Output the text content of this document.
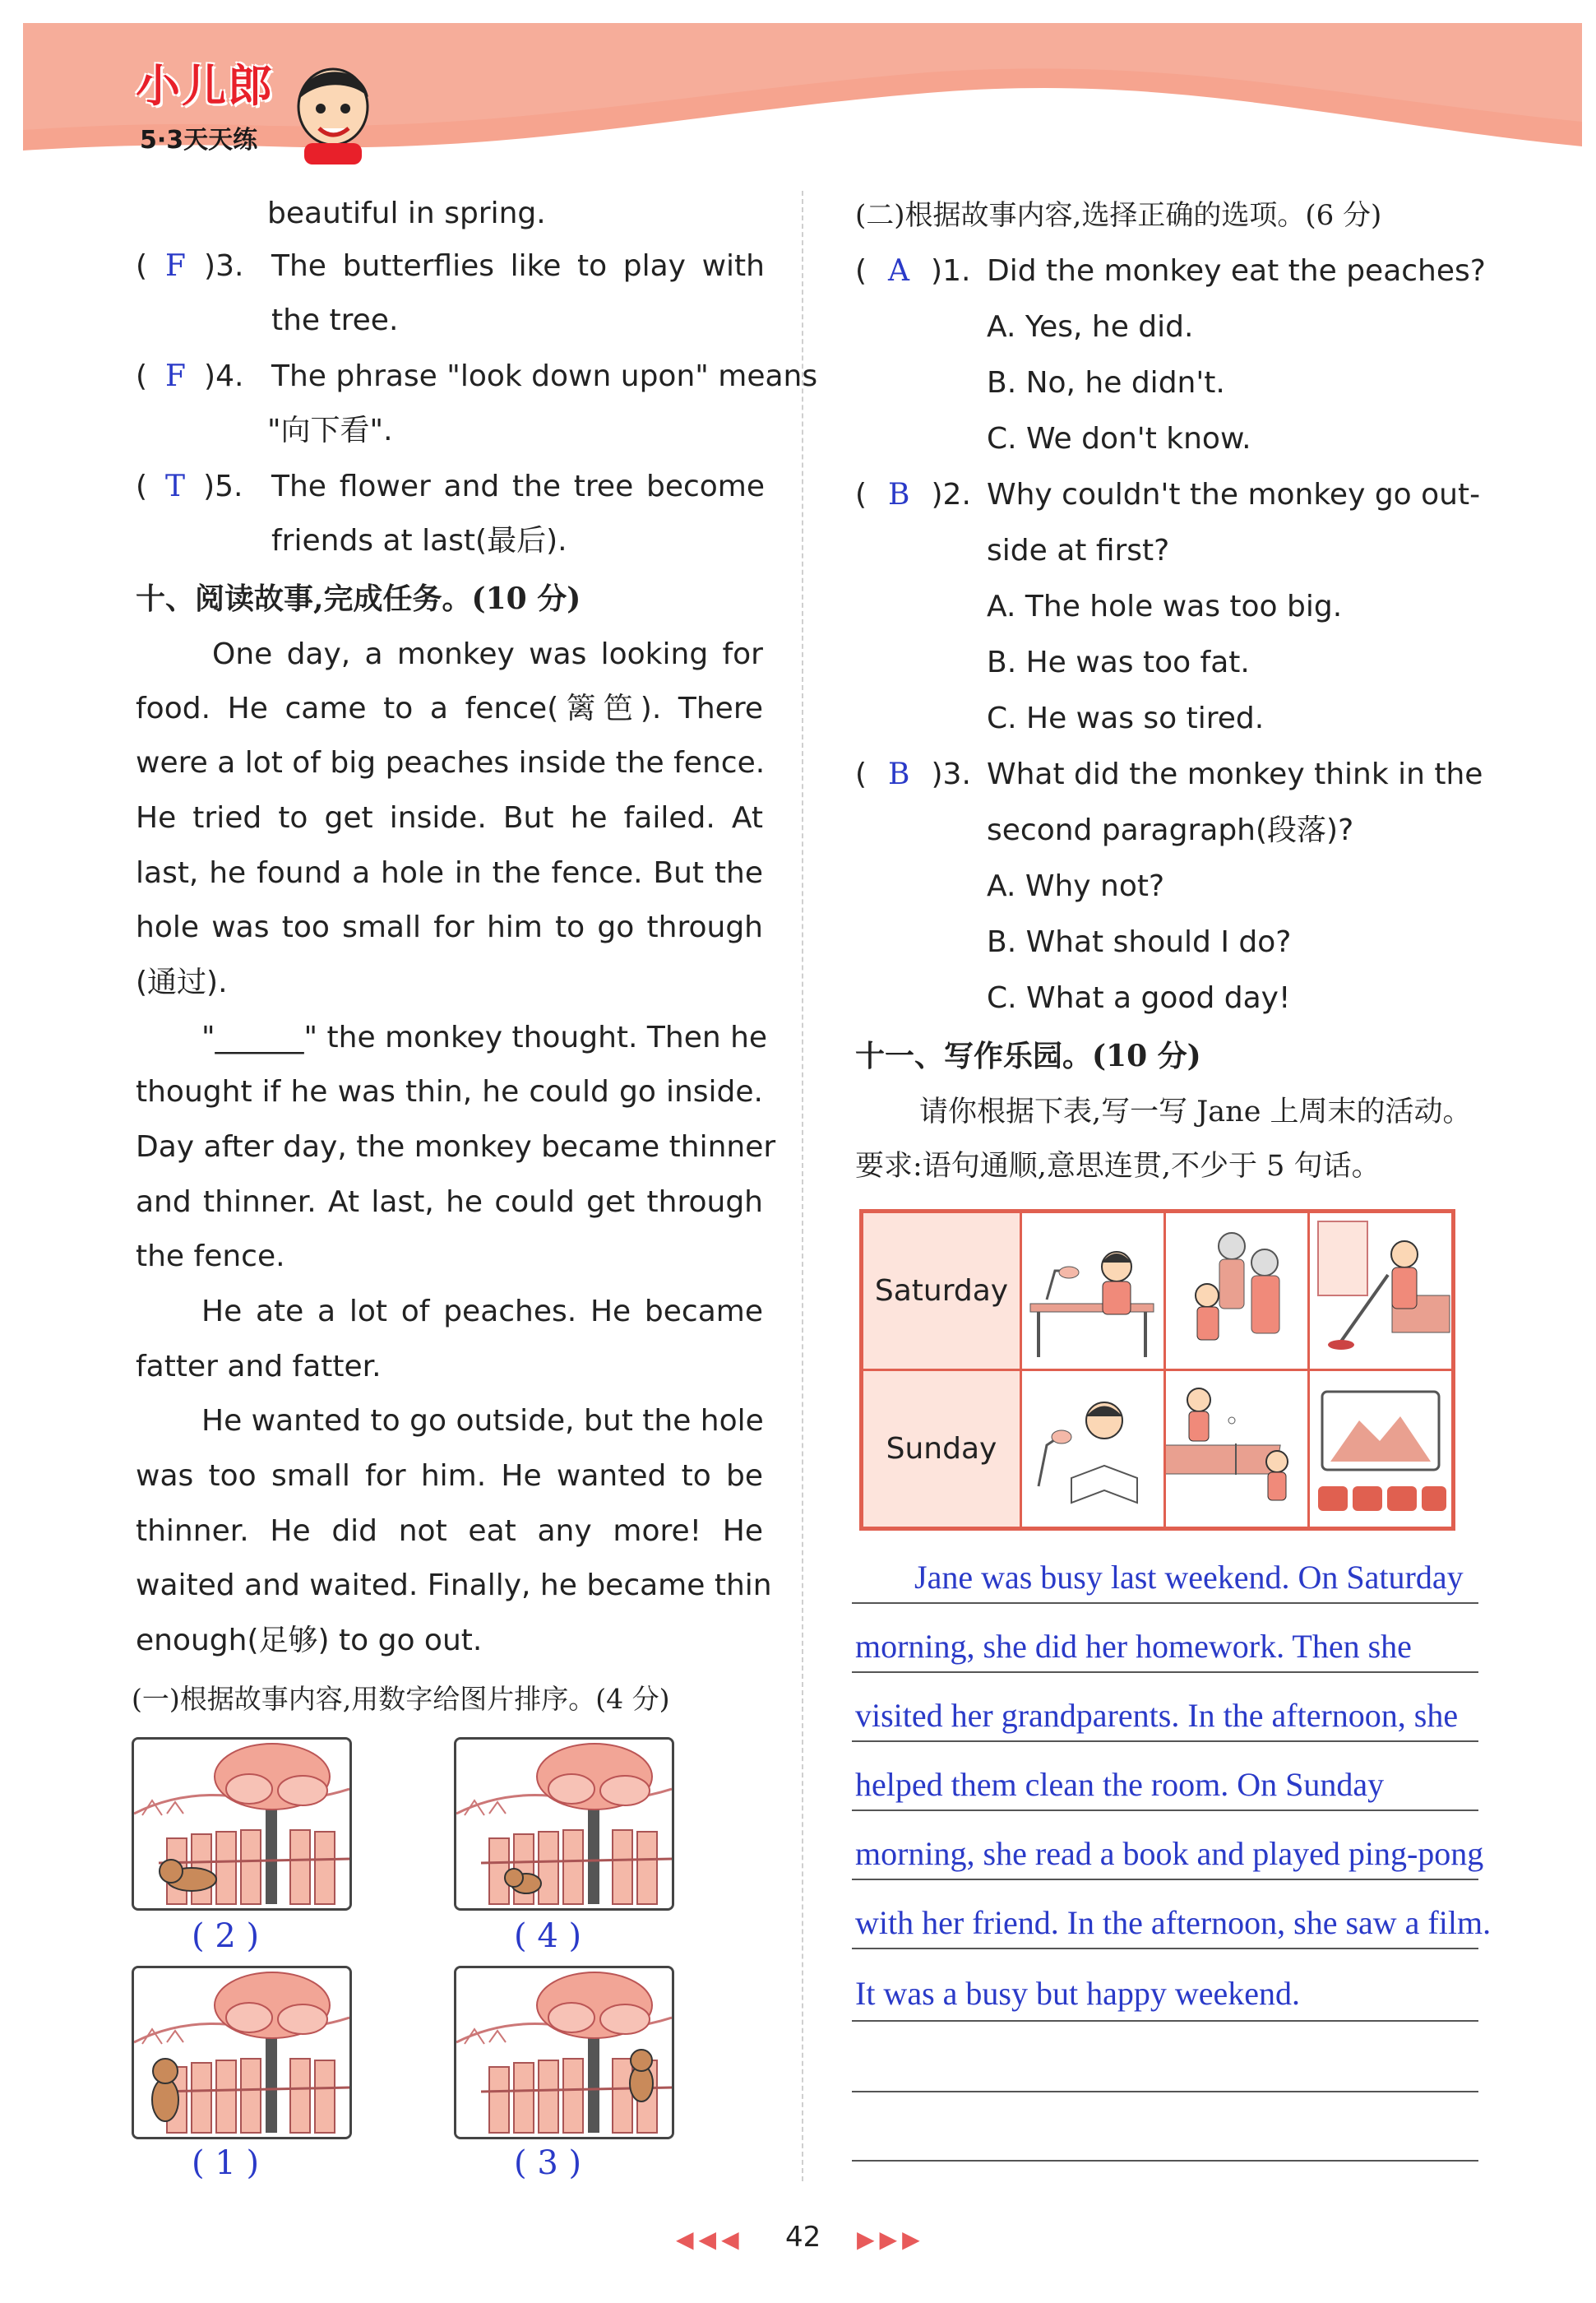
小儿郎
5·3天天练
beautiful in spring.
( F )3. The butterflies like to play with
the tree.
( F )4. The phrase "look down upon" means
"向下看".
( T )5. The flower and the tree become
friends at last(最后).
十、阅读故事,完成任务。(10 分)
One day, a monkey was looking for
food. He came to a fence(篱笆). There
were a lot of big peaches inside the fence.
He tried to get inside. But he failed. At
last, he found a hole in the fence. But the
hole was too small for him to go through
(通过).
"______" the monkey thought. Then he
thought if he was thin, he could go inside.
Day after day, the monkey became thinner
and thinner. At last, he could get through
the fence.
He ate a lot of peaches. He became
fatter and fatter.
He wanted to go outside, but the hole
was too small for him. He wanted to be
thinner. He did not eat any more! He
waited and waited. Finally, he became thin
enough(足够) to go out.
(一)根据故事内容,用数字给图片排序。(4 分)
( 2 )	( 4 )
( 1 )	( 3 )
(二)根据故事内容,选择正确的选项。(6 分)
( A )1. Did the monkey eat the peaches?
A. Yes, he did.
B. No, he didn't.
C. We don't know.
( B )2. Why couldn't the monkey go out-
side at first?
A. The hole was too big.
B. He was too fat.
C. He was so tired.
( B )3. What did the monkey think in the
second paragraph(段落)?
A. Why not?
B. What should I do?
C. What a good day!
十一、写作乐园。(10 分)
请你根据下表,写一写 Jane 上周末的活动。
要求:语句通顺,意思连贯,不少于 5 句话。
Saturday			
Sunday			
Jane was busy last weekend. On Saturday
morning, she did her homework. Then she
visited her grandparents. In the afternoon, she
helped them clean the room. On Sunday
morning, she read a book and played ping-pong
with her friend. In the afternoon, she saw a film.
It was a busy but happy weekend.
◀◀◀ 42 ▶▶▶
